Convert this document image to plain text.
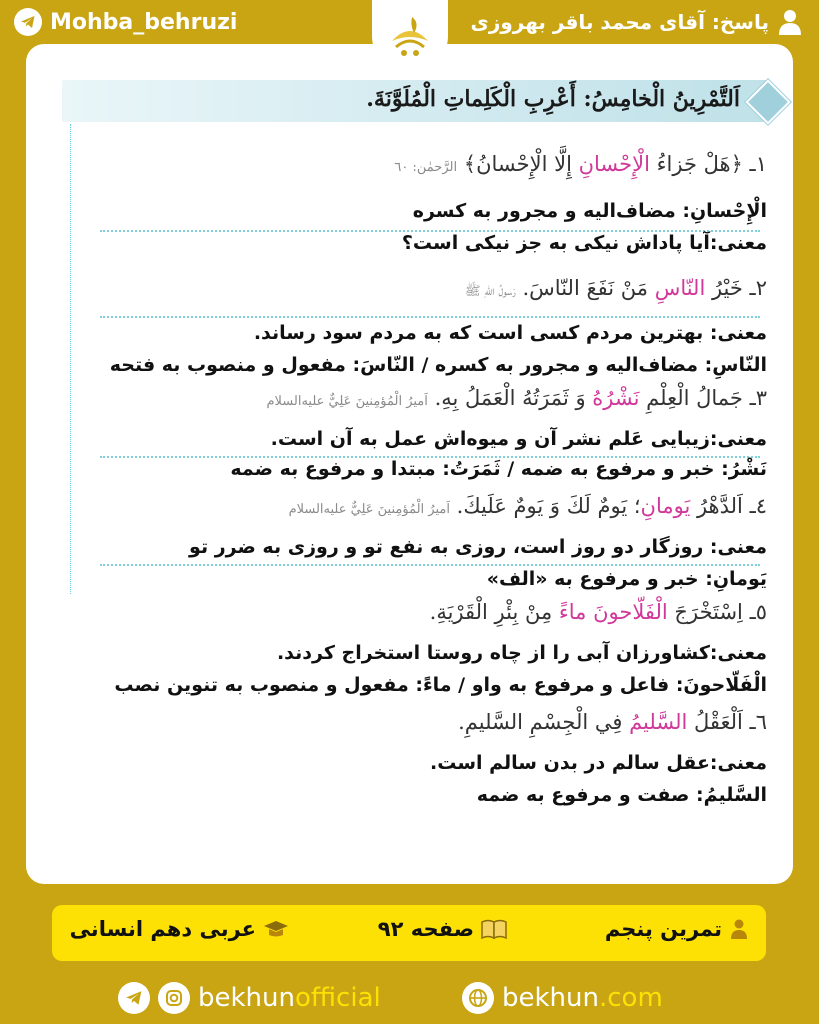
Mohba_behruzi	پاسخ: آقای محمد باقر بهروزی
اَلتَّمْرِينُ الْخامِسُ: أَعْرِبِ الْكَلِماتِ الْمُلَوَّنَةَ.
١ـ ﴿هَلْ جَزاءُ الْإِحْسانِ إِلَّا الْإِحْسانُ﴾ الرَّحمٰن: ٦٠
الْإِحْسانِ: مضاف‌اليه و مجرور به کسره
معنی:آیا پاداش نیکی به جز نیکی است؟
٢ـ خَيْرُ النّاسِ مَنْ نَفَعَ النّاسَ. رَسولُ اللهِ ﷺ
معنی: بهترین مردم کسی است که به مردم سود رساند.
النّاسِ: مضاف‌اليه و مجرور به کسره / النّاسَ: مفعول و منصوب به فتحه
٣ـ جَمالُ الْعِلْمِ نَشْرُهُ وَ ثَمَرَتُهُ الْعَمَلُ بِهِ. اَميرُ الْمُؤمِنينَ عَلِيٌّ عليه‌السلام
معنی:زیبایی عَلم نشر آن و میوه‌اش عمل به آن است.
نَشْرُ: خبر و مرفوع به ضمه / ثَمَرَتُ: مبتدا و مرفوع به ضمه
٤ـ اَلدَّهْرُ يَومانِ؛ يَومٌ لَكَ وَ يَومٌ عَلَيكَ. اَميرُ الْمُؤمِنينَ عَلِيٌّ عليه‌السلام
معنی: روزگار دو روز است، روزی به نفع تو و روزی به ضرر تو
یَومانِ: خبر و مرفوع به «الف»
٥ـ اِسْتَخْرَجَ الْفَلّاحونَ ماءً مِنْ بِئْرِ الْقَرْيَةِ.
معنی:کشاورزان آبی را از چاه روستا استخراج کردند.
الْفَلّاحونَ: فاعل و مرفوع به واو / ماءً: مفعول و منصوب به تنوین نصب
٦ـ اَلْعَقْلُ السَّليمُ فِي الْجِسْمِ السَّليمِ.
معنی:عقل سالم در بدن سالم است.
السَّلیمُ: صفت و مرفوع به ضمه
تمرین پنجم
صفحه ۹۲
عربی دهم انسانی
bekhunofficial	bekhun.com
